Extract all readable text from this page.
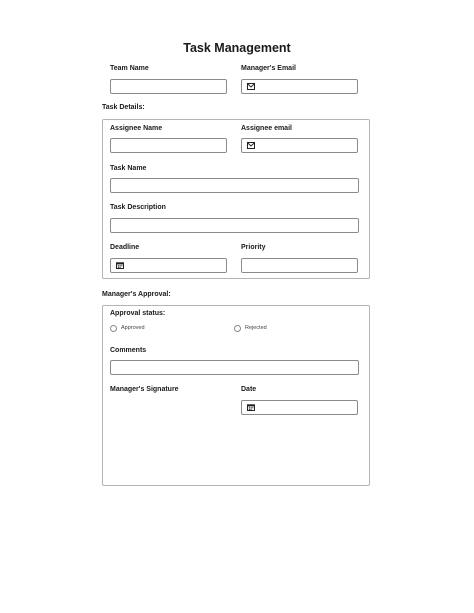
Task Management
Team Name	Manager's Email
Task Details:
Assignee Name	Assignee email
Task Name
Task Description
Deadline	Priority
Manager's Approval:
Approval status:
Approved	Rejected
Comments
Manager's Signature	Date
